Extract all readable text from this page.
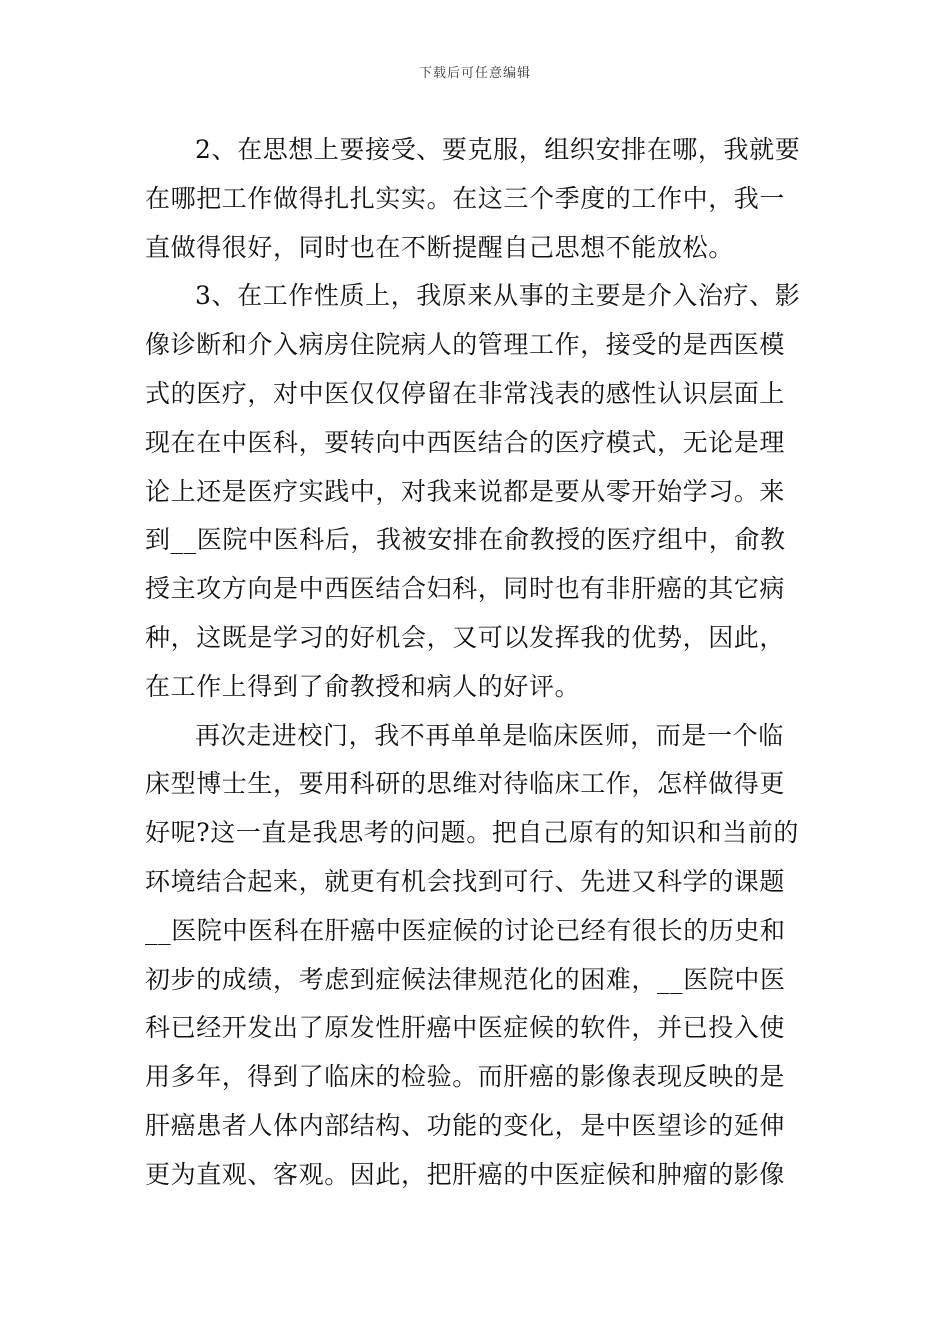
下载后可任意编辑
2、在思想上要接受、要克服，组织安排在哪，我就要
在哪把工作做得扎扎实实。在这三个季度的工作中，我一
直做得很好，同时也在不断提醒自己思想不能放松。
3、在工作性质上，我原来从事的主要是介入治疗、影
像诊断和介入病房住院病人的管理工作，接受的是西医模
式的医疗，对中医仅仅停留在非常浅表的感性认识层面上
现在在中医科，要转向中西医结合的医疗模式，无论是理
论上还是医疗实践中，对我来说都是要从零开始学习。来
到__医院中医科后，我被安排在俞教授的医疗组中，俞教
授主攻方向是中西医结合妇科，同时也有非肝癌的其它病
种，这既是学习的好机会，又可以发挥我的优势，因此，
在工作上得到了俞教授和病人的好评。
再次走进校门，我不再单单是临床医师，而是一个临
床型博士生，要用科研的思维对待临床工作，怎样做得更
好呢?这一直是我思考的问题。把自己原有的知识和当前的
环境结合起来，就更有机会找到可行、先进又科学的课题
__医院中医科在肝癌中医症候的讨论已经有很长的历史和
初步的成绩，考虑到症候法律规范化的困难，__医院中医
科已经开发出了原发性肝癌中医症候的软件，并已投入使
用多年，得到了临床的检验。而肝癌的影像表现反映的是
肝癌患者人体内部结构、功能的变化，是中医望诊的延伸
更为直观、客观。因此，把肝癌的中医症候和肿瘤的影像
